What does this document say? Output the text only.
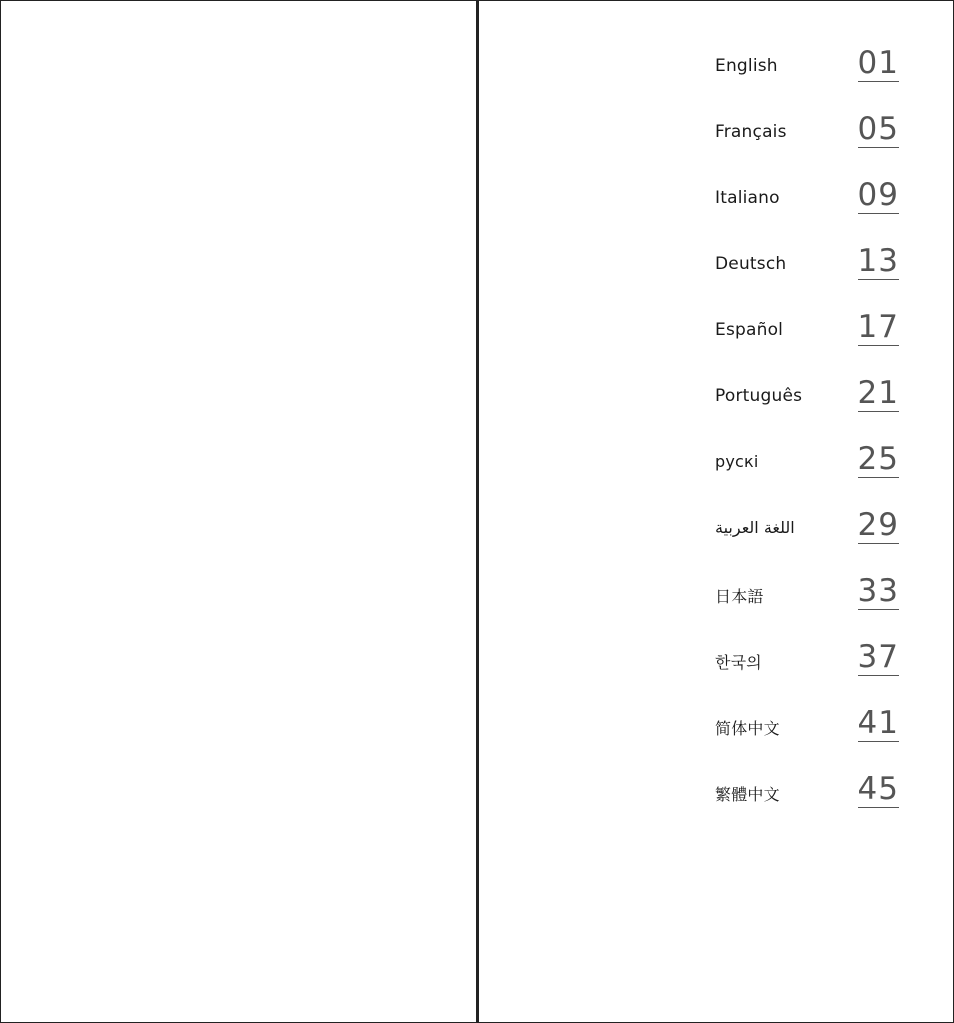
English	01
Français 05
Italiano	09
Deutsch 13
Español 17
Português 21
руcкi	25
اللغة العربية 29
日本語	33
한국의	37
简体中文	41
繁體中文	45
